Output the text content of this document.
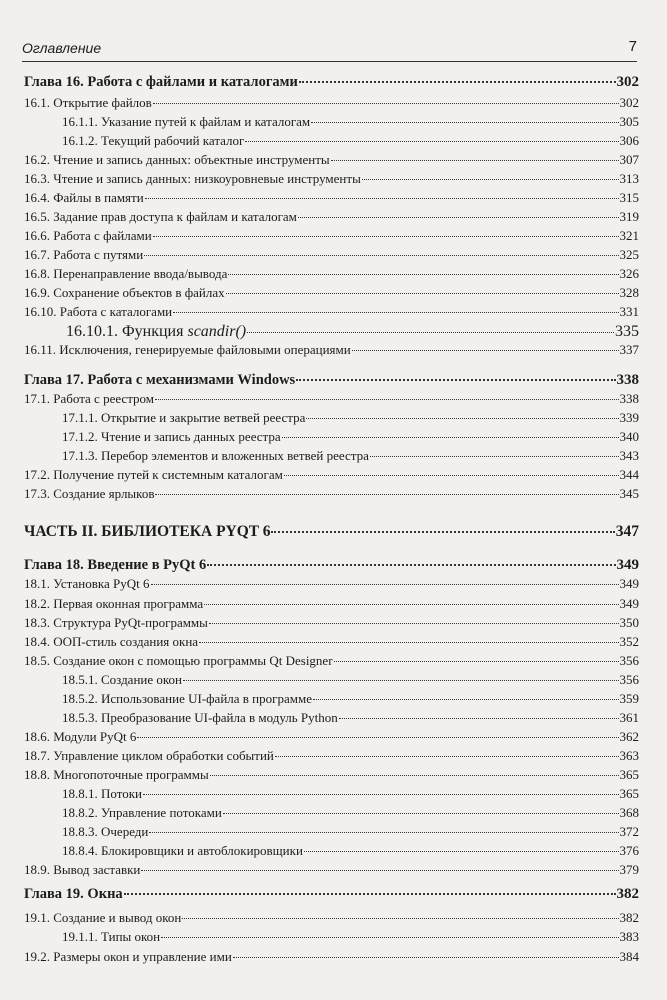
Оглавление	7
Глава 16. Работа с файлами и каталогами	302
16.1. Открытие файлов	302
16.1.1. Указание путей к файлам и каталогам	305
16.1.2. Текущий рабочий каталог	306
16.2. Чтение и запись данных: объектные инструменты	307
16.3. Чтение и запись данных: низкоуровневые инструменты	313
16.4. Файлы в памяти	315
16.5. Задание прав доступа к файлам и каталогам	319
16.6. Работа с файлами	321
16.7. Работа с путями	325
16.8. Перенаправление ввода/вывода	326
16.9. Сохранение объектов в файлах	328
16.10. Работа с каталогами	331
16.10.1. Функция scandir()	335
16.11. Исключения, генерируемые файловыми операциями	337
Глава 17. Работа с механизмами Windows	338
17.1. Работа с реестром	338
17.1.1. Открытие и закрытие ветвей реестра	339
17.1.2. Чтение и запись данных реестра	340
17.1.3. Перебор элементов и вложенных ветвей реестра	343
17.2. Получение путей к системным каталогам	344
17.3. Создание ярлыков	345
ЧАСТЬ II. БИБЛИОТЕКА PYQT 6	347
Глава 18. Введение в PyQt 6	349
18.1. Установка PyQt 6	349
18.2. Первая оконная программа	349
18.3. Структура PyQt-программы	350
18.4. ООП-стиль создания окна	352
18.5. Создание окон с помощью программы Qt Designer	356
18.5.1. Создание окон	356
18.5.2. Использование UI-файла в программе	359
18.5.3. Преобразование UI-файла в модуль Python	361
18.6. Модули PyQt 6	362
18.7. Управление циклом обработки событий	363
18.8. Многопоточные программы	365
18.8.1. Потоки	365
18.8.2. Управление потоками	368
18.8.3. Очереди	372
18.8.4. Блокировщики и автоблокировщики	376
18.9. Вывод заставки	379
Глава 19. Окна	382
19.1. Создание и вывод окон	382
19.1.1. Типы окон	383
19.2. Размеры окон и управление ими	384
